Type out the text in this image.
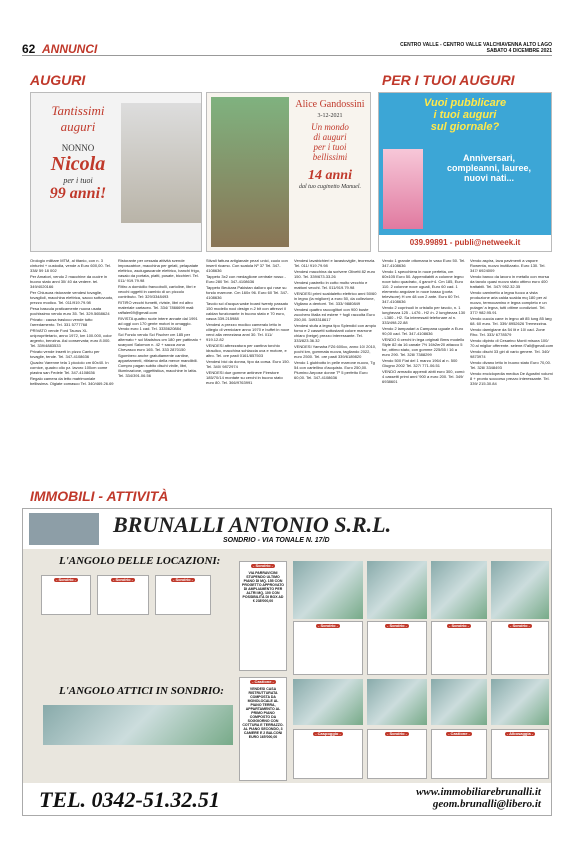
62 ANNUNCI	CENTRO VALLE - CENTRO VALLE VALCHIAVENNA ALTO LAGO
SABATO 4 DICEMBRE 2021
AUGURI	PER I TUOI AUGURI
Tantissimi
auguri
NONNO
Nicola
per i tuoi
99 anni!
Alice Gandossini
3-12-2021
Un mondo
di auguri
per i tuoi
bellissimi
14 anni
dal tuo cuginetto Manuel.
Vuoi pubblicare
i tuoi auguri
sul giornale?
Anniversari,
compleanni, lauree,
nuovi nati...
039.99891 - publi@netweek.it

Orologio militare MTM, al titanio, con n. 3 cinturini + custodia, vende a Euro 600,00. Tel. 338/ 59 18 002

Per Amatori, vendo 2 macchine da cucire in buono stato anni 30/ 40 da vedere. tel. 349/4020166

Per Chiusura ristorante vendesi tovaglie, tovaglioli, macchina elettrica, sacco sottovuoto, prezzo modico. Tel. 011/919.79.98

Pesa bascula praticamente nuova usata pochissimo vendo euro 35. Tel. 329.5658624

Privato : causa trasloco vende tutto l'arredamento. Tel. 331 5777768

PRIVATO vende Ford Taurus XL unipropritetario, anno 1972, km 100.000, color argento, benzina. Asi conservata; euro 8.000. Tel. 339/4883533

Privato vende inserti in pizzo Cantu per tovaglie, tende. Tel. 347-4108636

Quadro Varenne tela 1 picciolo cm 60x40. In cornice, quadro olio pz. lavoro 100cm come piastra san Fedele Tel. 347-4108636

Regalo camera da letto matrimoniale bellissima. Oigiate comasco Tel. 340/469.26.69

Ristorante per cessata attività svende imposcatrice, macchina per gelati, pelapatate elettrico, asciugascarole elettrico, banchi frigo, vasaio da portata, piatti, posate, bicchieri. Tel. 011/ 919.79.98

Ritiro a domicilio francobolli, cartoline, libri e vecchi oggetti in cambio di un piccolo contributo. Tel: 329/3348493

RITIRO vecchi fumetti, riviste, libri ed altro materiale cartaceo. Tel. 334/ 7866699 mail: raffaler69@gmail.com

RIVISTA quattro ruote intere annate dal 1991 ad oggi con 170 gente motori in omaggio. Vendo euro 1 cad. Tel. 3335620884

Sci Fondo vendo Sci Fischer cm 185 per alternato + sci Madshus cm 180 per pattinato + scarponi Salomon n. 42 + sacca zona Chevasco euro 165. Tel. 333 2870150

Sgombero anche gratuitamente cantine, appartamenti, ritiriamo della merce mandibili. Compro pagan subito dischi vinile, libri, illuminazione, oggettistica, macchine in latta. Tel. 334/391.06.56

Stivali fattura artigianale pezzi unici, cuoio con inserti ricamo. Con scatola Nº 37 Tel. 347-4108636

Tappeto 3x2 con medaglione centrale rosso - Euro 280 Tel. 347-4108636

Tappeto Beukara Pakistan dalloro qui rose su fondo marrone. Cm 160x 96. Euro 60 Tel. 347-4108636

Tavolo sci d'acqua wake board twenty passato 150 modello noci design n.2 bit con attrezzi il caldan funzionante in buono stato e 70 euro, vasca 339.215988

Vendesi a prezzo modico cameralo letto in ciliegio di verniciare anno 1970 e buffet in noce verci alla veneziana anni 30. Tel. 011/ 919.12.82

VENDESI attrezzatura per cantina torchio idraulico, macchina schiaccia uva e motore, e altro. Tel. ore pasti 0161/857503

Vendesi bici da donna, tipo da corsa. Euro 150. Tel. 340/ 9872974

VENDESI due gomme antineve Firestore 185/70/14 montate su cerchi in buono stato euro 80. Tel. 366/9763991

Vendesi lavabichieri e lavastoviglie, teorenzia. Tel. 011/ 919.79.98

Vendesi macchina da scrivere Olivetti 82 euro 150. Tel. 339/673.33.26

Vendesi pastrello in cotto molto vecchio e mattoni vecchi. Tel. 011/919.79.98

VENDESI primi scaldaletto elettrico anni 50/60 in legno (la migliore) a euro 50, da collezione, Vigliano a dentorri. Tel. 333/ 9880849

Vendesi quattro raccoglitori con 900 buste zucchero litalia ed estere + fogli raccolta Euro 250,00. 3493318617

Vendesi stufa a legna tipo Splendid con ampio forno e 2 cassetti sottostanti colore marrone chiaro (beige) prezzo interessante. Tel. 333/823.36.32

VENDESI Yamaha FZ6 600cc, anno 10/ 2010, pochi km, gommata nuova, tagliando 2022, euro 2500. Tel. ore pasti 339/6189820

Vendo 1 giubbotto in pelle marrone nuovo, Tg 54 con cartellino d'acquisto. Euro 250,00. Piumino Aepose donne Tº 5 perfetto Euro 60,00. Tel. 347-4108636

Vendo 1 grande ottomana in vaso Euro 50. Tel. 347-4108636

Vendo 1 specchiera in noce perfetta, cm 60x105 Euro 50. Appendiabiti a colonne legno noce tubo quadrato, 4 ganci+4. Cm 185, Euro 110. 2 colonne noce uguali, Euro 60 cad. 1 elemento angolare in noce basso (porta televisore) H cm 48 con 2 ante. Euro 60 Tel. 347-4108636

Vendo 2 copriruoli in cristallo per tavolo, n. 1 lunghezza 125 - L476 - H2 /n. 2 lunghezza 130 - L380 - H2. Sa interessati telefonare al n. 333/498.22.88

Vendo 2 lampadari a Campana uguale a Euro 90,00 cad. Tel. 347-4108636

VENDO 6 cerchi in lega originali Bmw modello Style 82 da 16 canale 7½ 16h2er20 attacco 5 for, ottimo stato, con gomme 225/55 / 16 a euro 290. Tel. 328/ 7388299

Vendo 500 Fiat del 1 marzo 1964 al n. 500 Giugno 2002 Tel. 327/ 771.06.51

VENDO armadio appendi abiti euro 300, comò 4 cassetti primi anni '900 a euro 200. Tel. 349/ 6938601

Vendo aspira, lava pavimenti a vapore Rowenta, nuovo inutilizzato. Euro 130. Tel. 347/ 6924009

Vendo banco da lavoro in metallo con morsa da tavolo quasi nuovo stato ottimo euro 400 trattabili. Tel. 347/ 952.32.35

Vendo caminetto a legna fuoco a vista produzione aria calda scalda mq 180 per al nuovo, termocamino e legna completo e un putage/ a legna, tutti ottime condizioni. Tel. 377/ 982.95.91

Vendo cuccia cane in legno alt 85 lung 85 larg 68. 60 euro. Tel. 339/ 8952626 Tremezzina.

Vendo damigiane da 54 lit e 10/ cad. Zone Rho. Tel. 333/ 6778579

Vendo dipinto di Cesarino Monti misura 100/ 70 al miglior offerente. selene.f7all@gmail.com

Vendo dischi 33 giri di vario genere. Tel. 340/ 9873974

Vendo divano letto in buono stato Euro 70,00. Tel. 328/ 3348493

Vendo enciclopedia medica De Agostini volumi 8 + pronto soccorso prezzo interessante. Tel. 339/ 215.30.84

IMMOBILI - ATTIVITÀ
BRUNALLI ANTONIO S.R.L.
SONDRIO - VIA TONALE N. 17/D
L'ANGOLO DELLE LOCAZIONI:
L'ANGOLO ATTICI IN SONDRIO:
- Sondrio -	- Sondrio -	- Sondrio -
- Sondrio -
VIA PARRAVICINI STUPENDO ULTIMO PIANO DI MQ. 155 CON PROGETTO APPROVATO DI AMPLIAMENTO PER ALTRI MQ. 100 CON POSSIBILITÀ DI BOX AD € 238'000,00
- Castione -
VENDESI CASA RISTRUTTURATA COMPOSTA DA MONOLOCALE AL PIANO TERRA, APPARTAMENTO AL PRIMO PIANO COMPOSTO DA SOGGIORNO CON COTTURA E TERRAZZO. AL PIANO SECONDO, 3 CAMERE E 2 BALCONI EURO 165'000,00
- Sondrio -	- Sondrio -	- Sondrio -	- Sondrio -
- Caspoggio -	- Sondrio -	- Castione -	- Albosaggia -
TEL. 0342-51.32.51	www.immobiliarebrunalli.it
geom.brunalli@libero.it
